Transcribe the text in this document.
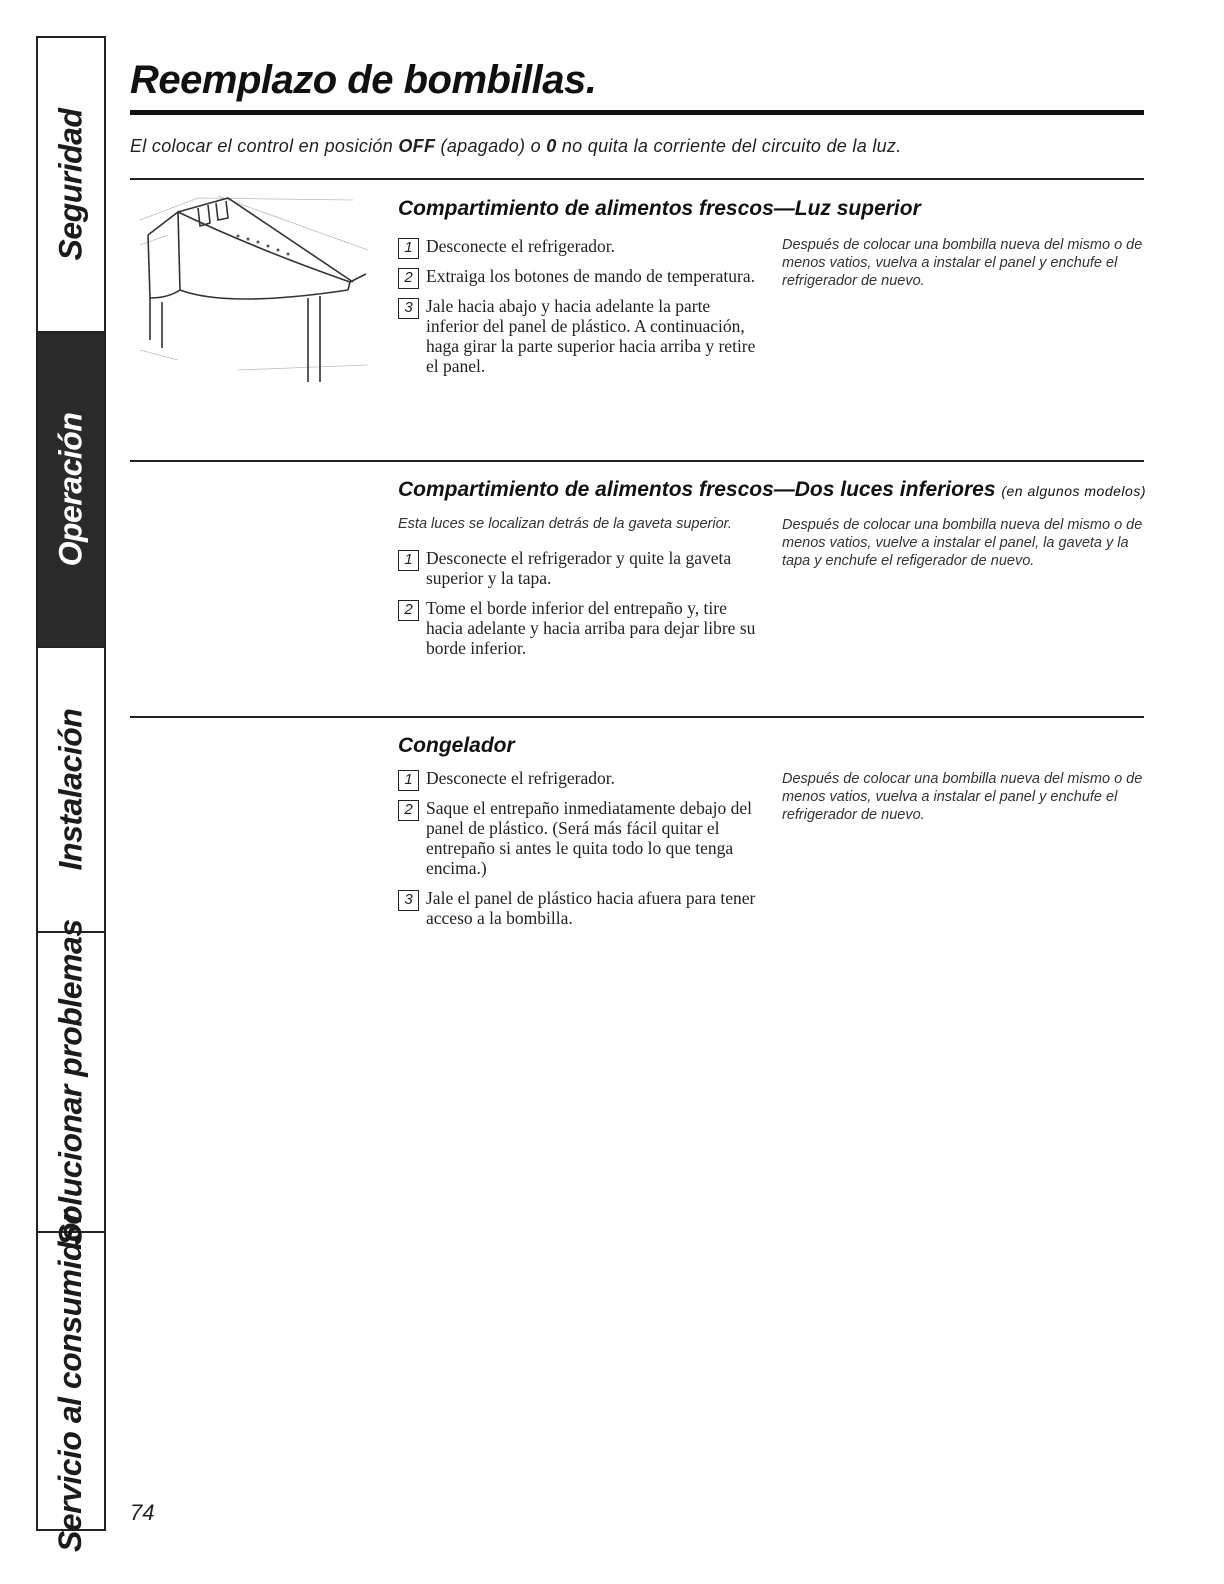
Seguridad
Operación
Instalación
Solucionar problemas
Servicio al consumidor
Reemplazo de bombillas.
El colocar el control en posición OFF (apagado) o 0 no quita la corriente del circuito de la luz.
Compartimiento de alimentos frescos—Luz superior
1 Desconecte el refrigerador.
2 Extraiga los botones de mando de temperatura.
3 Jale hacia abajo y hacia adelante la parte inferior del panel de plástico. A continuación, haga girar la parte superior hacia arriba y retire el panel.
Después de colocar una bombilla nueva del mismo o de menos vatios, vuelva a instalar el panel y enchufe el refrigerador de nuevo.
Compartimiento de alimentos frescos—Dos luces inferiores (en algunos modelos)
Esta luces se localizan detrás de la gaveta superior.
1 Desconecte el refrigerador y quite la gaveta superior y la tapa.
2 Tome el borde inferior del entrepaño y, tire hacia adelante y hacia arriba para dejar libre su borde inferior.
Después de colocar una bombilla nueva del mismo o de menos vatios, vuelve a instalar el panel, la gaveta y la tapa y enchufe el refigerador de nuevo.
Congelador
1 Desconecte el refrigerador.
2 Saque el entrepaño inmediatamente debajo del panel de plástico. (Será más fácil quitar el entrepaño si antes le quita todo lo que tenga encima.)
3 Jale el panel de plástico hacia afuera para tener acceso a la bombilla.
Después de colocar una bombilla nueva del mismo o de menos vatios, vuelva a instalar el panel y enchufe el refrigerador de nuevo.
74
